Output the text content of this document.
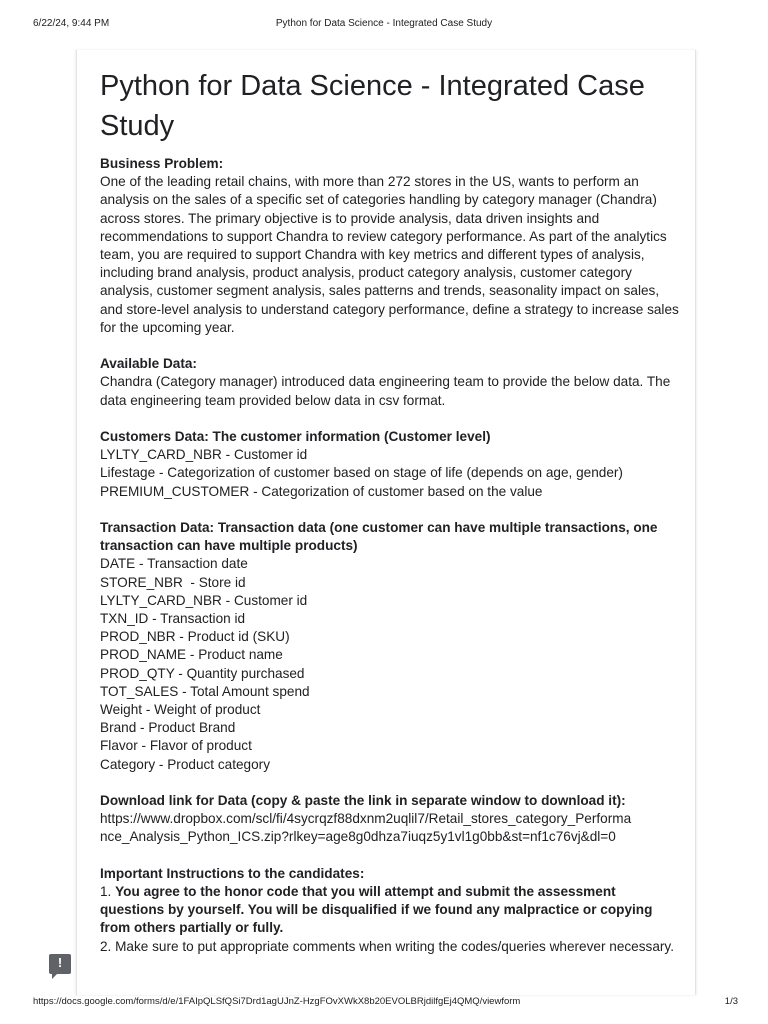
6/22/24, 9:44 PM	Python for Data Science - Integrated Case Study
Python for Data Science - Integrated Case Study

Business Problem:

One of the leading retail chains, with more than 272 stores in the US, wants to perform an analysis on the sales of a specific set of categories handling by category manager (Chandra) across stores. The primary objective is to provide analysis, data driven insights and recommendations to support Chandra to review category performance. As part of the analytics team, you are required to support Chandra with key metrics and different types of analysis, including brand analysis, product analysis, product category analysis, customer category analysis, customer segment analysis, sales patterns and trends, seasonality impact on sales, and store-level analysis to understand category performance, define a strategy to increase sales for the upcoming year.

Available Data:

Chandra (Category manager) introduced data engineering team to provide the below data. The data engineering team provided below data in csv format.

Customers Data: The customer information (Customer level)

LYLTY_CARD_NBR - Customer id

Lifestage - Categorization of customer based on stage of life (depends on age, gender)

PREMIUM_CUSTOMER - Categorization of customer based on the value

Transaction Data: Transaction data (one customer can have multiple transactions, one transaction can have multiple products)

DATE - Transaction date

STORE_NBR  - Store id

LYLTY_CARD_NBR - Customer id

TXN_ID - Transaction id

PROD_NBR - Product id (SKU)

PROD_NAME - Product name

PROD_QTY - Quantity purchased

TOT_SALES - Total Amount spend

Weight - Weight of product

Brand - Product Brand

Flavor - Flavor of product

Category - Product category

Download link for Data (copy & paste the link in separate window to download it):

https://www.dropbox.com/scl/fi/4sycrqzf88dxnm2uqlil7/Retail_stores_category_Performa

nce_Analysis_Python_ICS.zip?rlkey=age8g0dhza7iuqz5y1vl1g0bb&st=nf1c76vj&dl=0

Important Instructions to the candidates:

1. You agree to the honor code that you will attempt and submit the assessment questions by yourself. You will be disqualified if we found any malpractice or copying from others partially or fully.

2. Make sure to put appropriate comments when writing the codes/queries wherever necessary.

!
https://docs.google.com/forms/d/e/1FAIpQLSfQSi7Drd1agUJnZ-HzgFOvXWkX8b20EVOLBRjdilfgEj4QMQ/viewform	1/3
